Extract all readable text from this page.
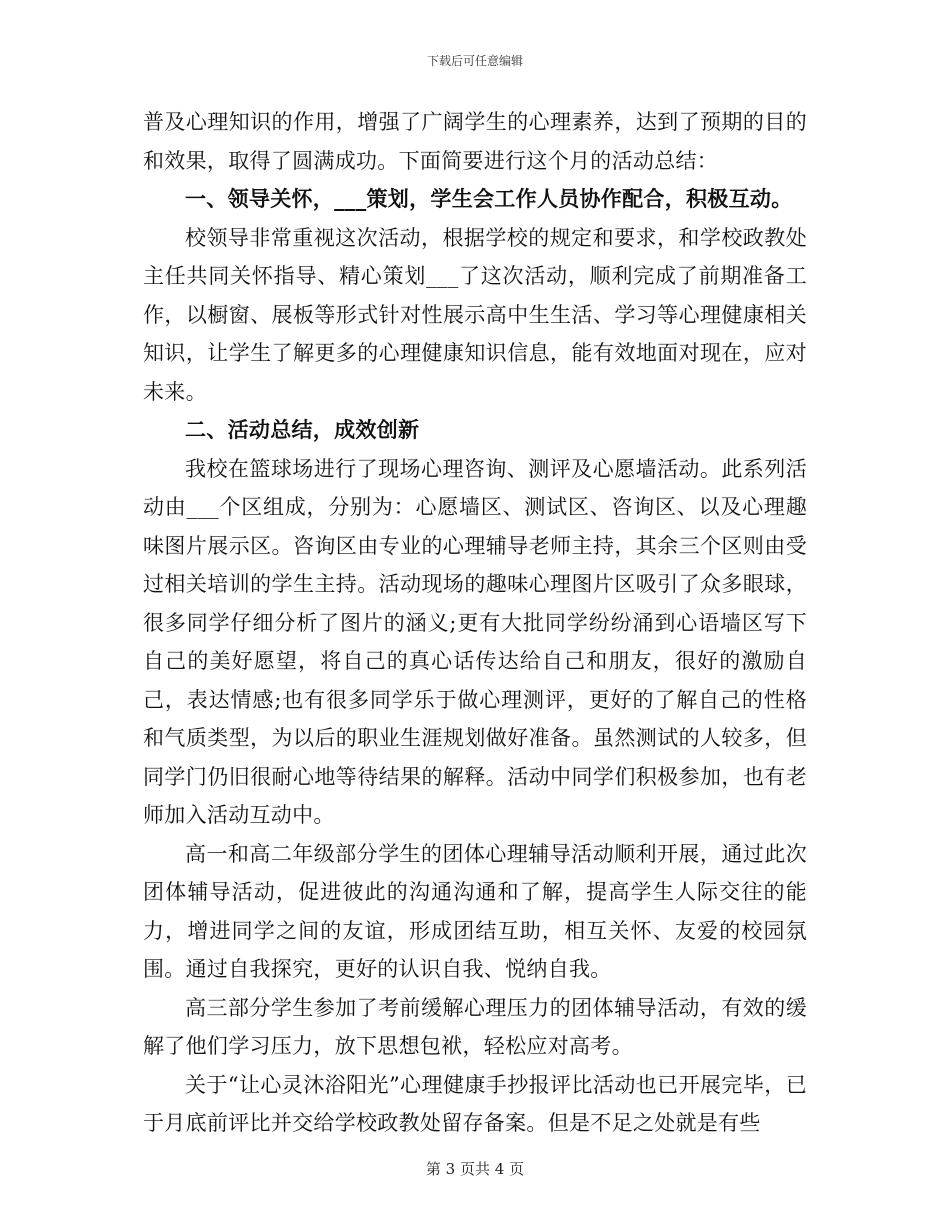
下载后可任意编辑

普及心理知识的作用，增强了广阔学生的心理素养，达到了预期的目的和效果，取得了圆满成功。下面简要进行这个月的活动总结：

一、领导关怀，___策划，学生会工作人员协作配合，积极互动。

校领导非常重视这次活动，根据学校的规定和要求，和学校政教处主任共同关怀指导、精心策划___了这次活动，顺利完成了前期准备工作，以橱窗、展板等形式针对性展示高中生生活、学习等心理健康相关知识，让学生了解更多的心理健康知识信息，能有效地面对现在，应对未来。

二、活动总结，成效创新

我校在篮球场进行了现场心理咨询、测评及心愿墙活动。此系列活动由___个区组成，分别为：心愿墙区、测试区、咨询区、以及心理趣味图片展示区。咨询区由专业的心理辅导老师主持，其余三个区则由受过相关培训的学生主持。活动现场的趣味心理图片区吸引了众多眼球，很多同学仔细分析了图片的涵义;更有大批同学纷纷涌到心语墙区写下自己的美好愿望，将自己的真心话传达给自己和朋友，很好的激励自己，表达情感;也有很多同学乐于做心理测评，更好的了解自己的性格和气质类型，为以后的职业生涯规划做好准备。虽然测试的人较多，但同学门仍旧很耐心地等待结果的解释。活动中同学们积极参加，也有老师加入活动互动中。

高一和高二年级部分学生的团体心理辅导活动顺利开展，通过此次团体辅导活动，促进彼此的沟通沟通和了解，提高学生人际交往的能力，增进同学之间的友谊，形成团结互助，相互关怀、友爱的校园氛围。通过自我探究，更好的认识自我、悦纳自我。

高三部分学生参加了考前缓解心理压力的团体辅导活动，有效的缓解了他们学习压力，放下思想包袱，轻松应对高考。

关于“让心灵沐浴阳光”心理健康手抄报评比活动也已开展完毕，已于月底前评比并交给学校政教处留存备案。但是不足之处就是有些

第 3 页共 4 页
